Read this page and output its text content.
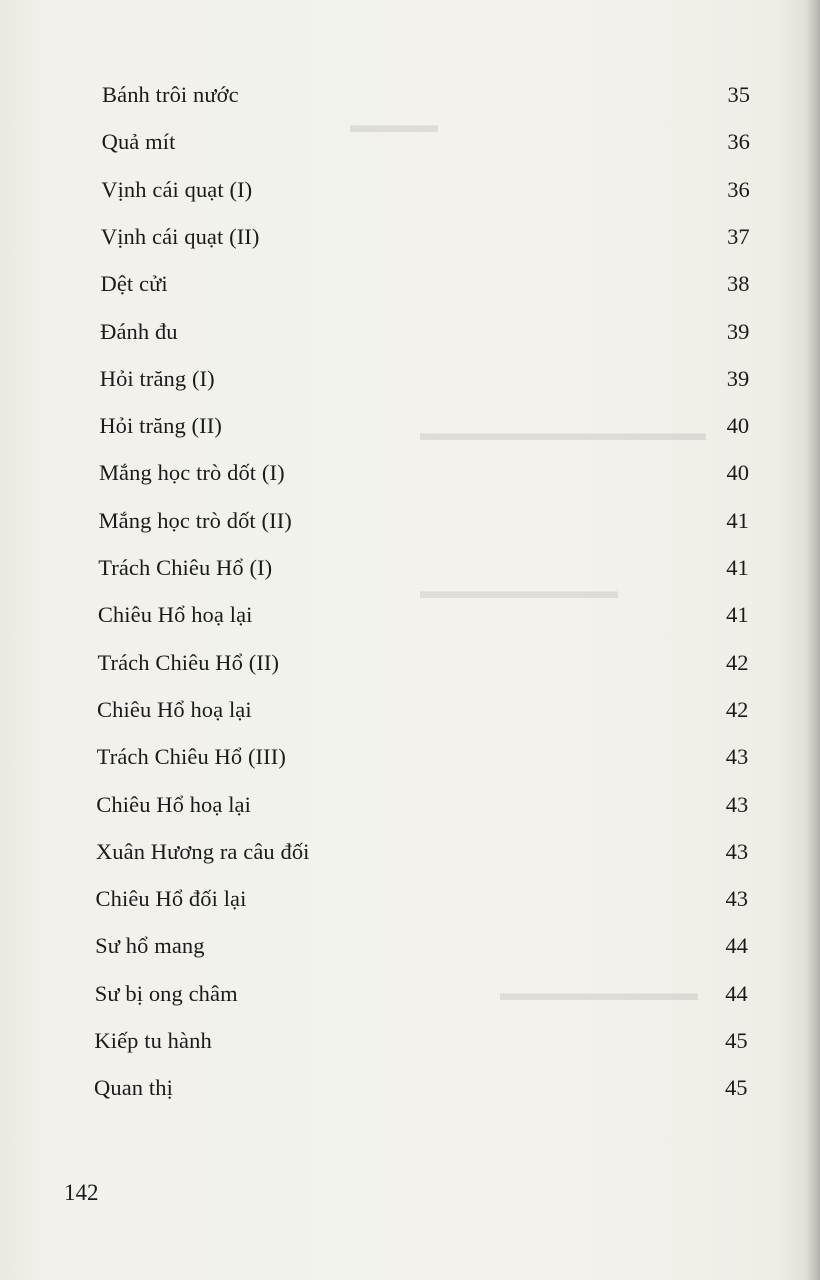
▬▬▬▬
▬▬▬▬▬▬▬▬▬▬▬▬▬
▬▬▬▬▬▬▬▬▬
▬▬▬▬▬▬▬▬▬
Bánh trôi nước	35
Quả mít	36
Vịnh cái quạt (I)	36
Vịnh cái quạt (II)	37
Dệt cửi	38
Đánh đu	39
Hỏi trăng (I)	39
Hỏi trăng (II)	40
Mắng học trò dốt (I)	40
Mắng học trò dốt (II)	41
Trách Chiêu Hổ (I)	41
Chiêu Hổ hoạ lại	41
Trách Chiêu Hổ (II)	42
Chiêu Hổ hoạ lại	42
Trách Chiêu Hổ (III)	43
Chiêu Hổ hoạ lại	43
Xuân Hương ra câu đối	43
Chiêu Hổ đối lại	43
Sư hổ mang	44
Sư bị ong châm	44
Kiếp tu hành	45
Quan thị	45
142
